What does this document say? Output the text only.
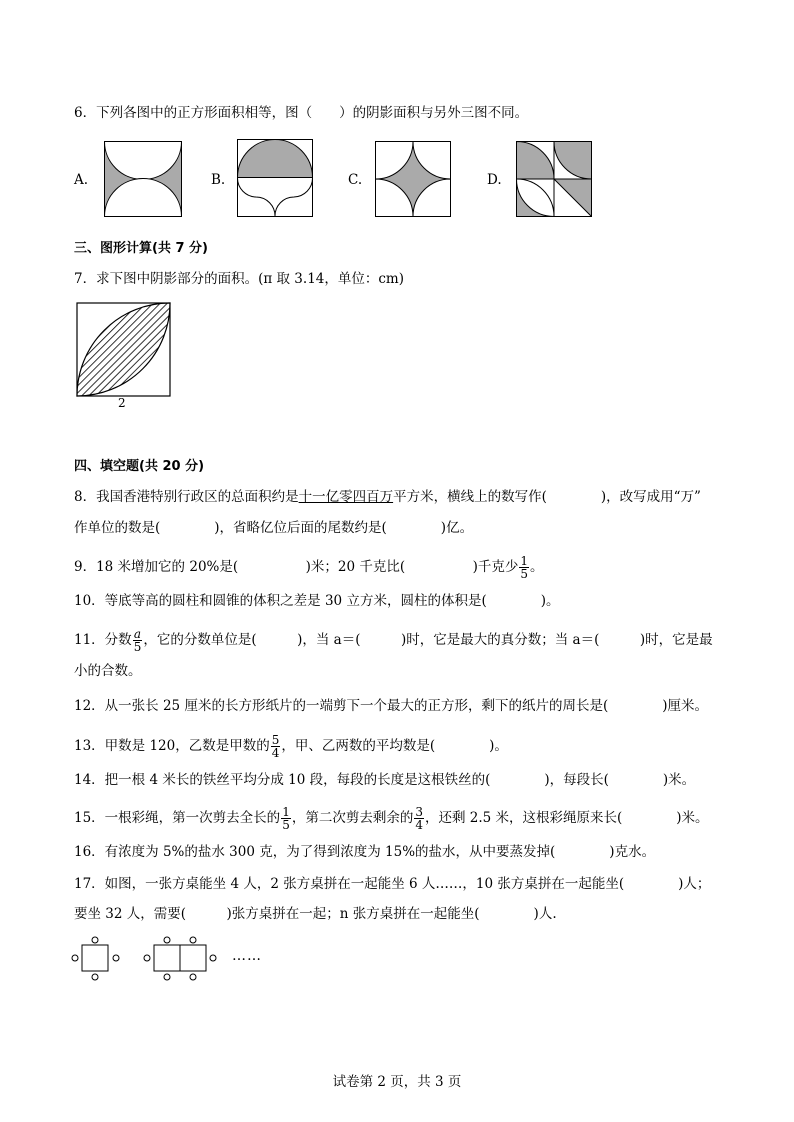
6．下列各图中的正方形面积相等，图（　　）的阴影面积与另外三图不同。
A.	B.	C.	D.
三、图形计算(共 7 分)
7．求下图中阴影部分的面积。(π 取 3.14，单位：cm)
2
四、填空题(共 20 分)
8．我国香港特别行政区的总面积约是十一亿零四百万平方米，横线上的数写作(　　　　)，改写成用“万”
作单位的数是(　　　　)，省略亿位后面的尾数约是(　　　　)亿。
9．18 米增加它的 20%是(　　　　　)米；20 千克比(　　　　　)千克少 $\frac{1}{5}$ 。
10．等底等高的圆柱和圆锥的体积之差是 30 立方米，圆柱的体积是(　　　　)。
11．分数 $\frac{a}{5}$ ，它的分数单位是(　　　)，当 a＝(　　　)时，它是最大的真分数；当 a＝(　　　)时，它是最
小的合数。
12．从一张长 25 厘米的长方形纸片的一端剪下一个最大的正方形，剩下的纸片的周长是(　　　　)厘米。
13．甲数是 120，乙数是甲数的 $\frac{5}{4}$ ，甲、乙两数的平均数是(　　　　)。
14．把一根 4 米长的铁丝平均分成 10 段，每段的长度是这根铁丝的(　　　　)，每段长(　　　　)米。
15．一根彩绳，第一次剪去全长的 $\frac{1}{5}$ ，第二次剪去剩余的 $\frac{3}{4}$ ，还剩 2.5 米，这根彩绳原来长(　　　　)米。
16．有浓度为 5%的盐水 300 克，为了得到浓度为 15%的盐水，从中要蒸发掉(　　　　)克水。
17．如图，一张方桌能坐 4 人，2 张方桌拼在一起能坐 6 人……，10 张方桌拼在一起能坐(　　　　)人；
要坐 32 人，需要(　　　)张方桌拼在一起；n 张方桌拼在一起能坐(　　　　)人.
……
试卷第 2 页，共 3 页
